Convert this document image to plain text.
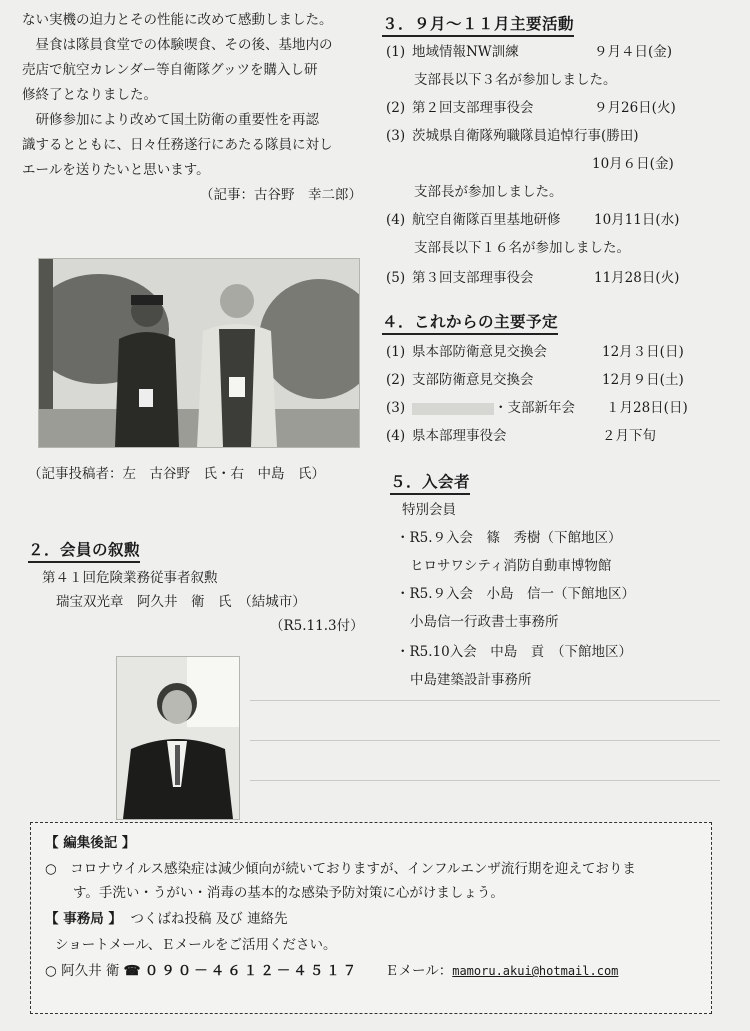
ない実機の迫力とその性能に改めて感動しました。

昼食は隊員食堂での体験喫食、その後、基地内の

売店で航空カレンダー等自衛隊グッツを購入し研

修終了となりました。

研修参加により改めて国土防衛の重要性を再認

識するとともに、日々任務遂行にあたる隊員に対し

エールを送りたいと思います。

（記事：古谷野　幸二郎）

（記事投稿者：左　古谷野　氏・右　中島　氏）
２．会員の叙勲
第４１回危険業務従事者叙勲
瑞宝双光章　阿久井　衛　氏　（結城市）
（R5.11.3付）
３．９月～１１月主要活動
(1) 地域情報NW訓練	９月４日(金)
支部長以下３名が参加しました。
(2) 第２回支部理事役会	９月26日(火)
(3) 茨城県自衛隊殉職隊員追悼行事(勝田)
10月６日(金)
支部長が参加しました。
(4) 航空自衛隊百里基地研修 10月11日(水)
支部長以下１６名が参加しました。
(5) 第３回支部理事役会	11月28日(火)
４．これからの主要予定
(1) 県本部防衛意見交換会	12月３日(日)
(2) 支部防衛意見交換会	12月９日(土)
(3)	・支部新年会 １月28日(日)
(4) 県本部理事役会	２月下旬
５．入会者
特別会員
・R5.９入会　篠　秀樹（下館地区）
ヒロサワシティ消防自動車博物館
・R5.９入会　小島　信一（下館地区）
小島信一行政書士事務所
・R5.10入会　中島　貢　（下館地区）
中島建築設計事務所
【 編集後記 】
○　コロナウイルス感染症は減少傾向が続いておりますが、インフルエンザ流行期を迎えておりま
す。手洗い・うがい・消毒の基本的な感染予防対策に心がけましょう。
【 事務局 】 つくばね投稿 及び 連絡先
ショートメール、Ｅメールをご活用ください。
○ 阿久井 衛 ☎ ０９０－４６１２－４５１７ Ｅメール：mamoru.akui@hotmail.com
